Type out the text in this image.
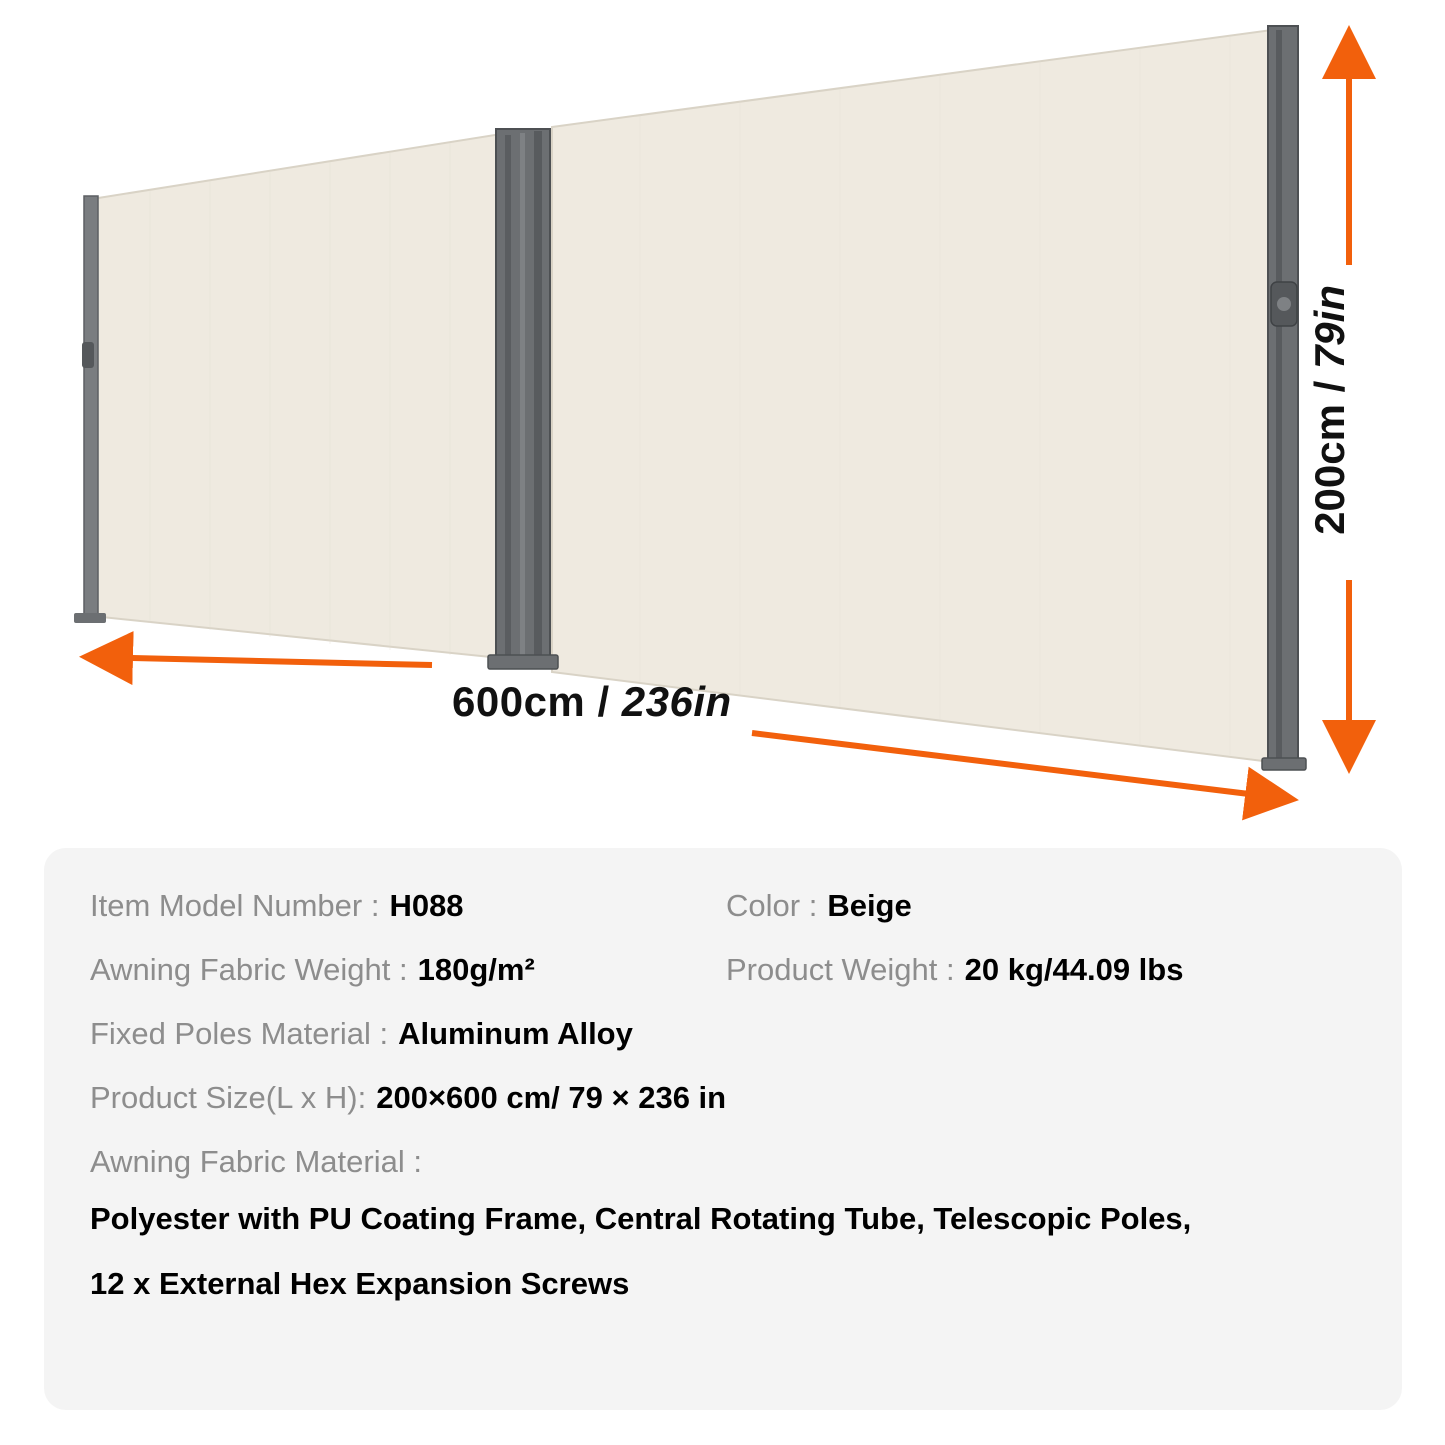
600cm / 236in
200cm / 79in
Item Model Number : H088	Color : Beige
Awning Fabric Weight : 180g/m²	Product Weight : 20 kg/44.09 lbs
Fixed Poles Material : Aluminum Alloy
Product Size(L x H): 200×600 cm/ 79 × 236 in
Awning Fabric Material :
Polyester with PU Coating Frame, Central Rotating Tube, Telescopic Poles,
12 x External Hex Expansion Screws
